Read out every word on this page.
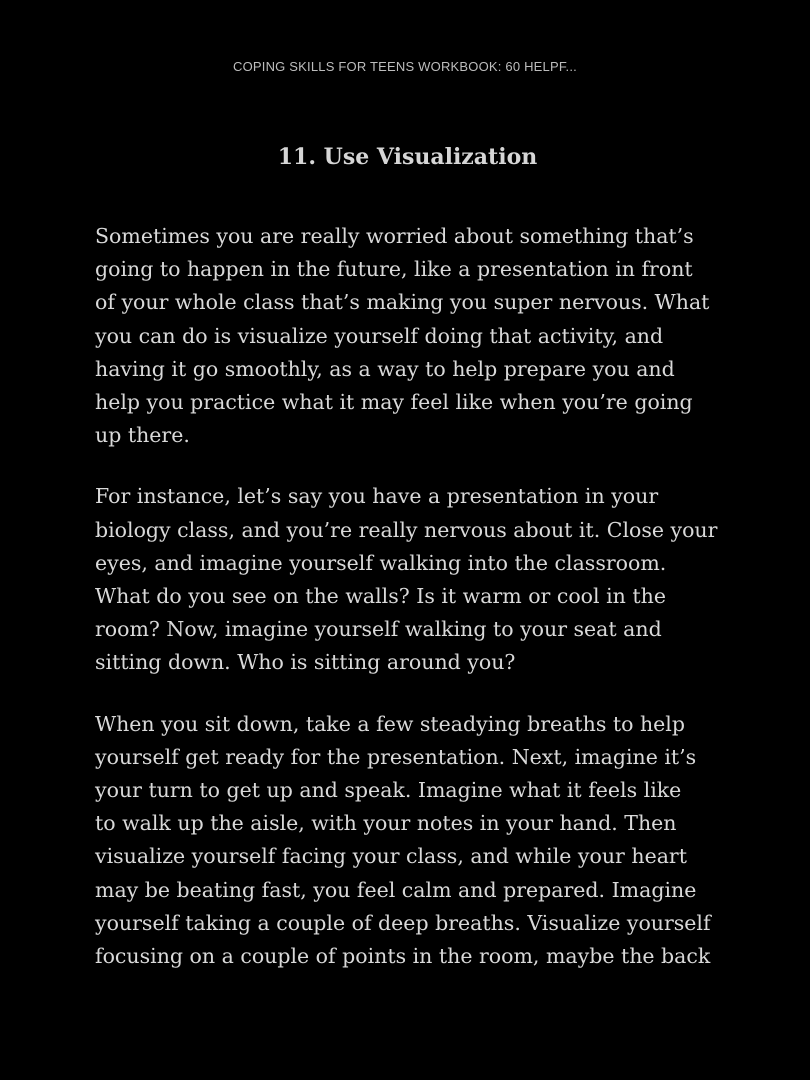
COPING SKILLS FOR TEENS WORKBOOK: 60 HELPF...
11. Use Visualization

Sometimes you are really worried about something that’s
going to happen in the future, like a presentation in front
of your whole class that’s making you super nervous. What
you can do is visualize yourself doing that activity, and
having it go smoothly, as a way to help prepare you and
help you practice what it may feel like when you’re going
up there.

For instance, let’s say you have a presentation in your
biology class, and you’re really nervous about it. Close your
eyes, and imagine yourself walking into the classroom.
What do you see on the walls? Is it warm or cool in the
room? Now, imagine yourself walking to your seat and
sitting down. Who is sitting around you?

When you sit down, take a few steadying breaths to help
yourself get ready for the presentation. Next, imagine it’s
your turn to get up and speak. Imagine what it feels like
to walk up the aisle, with your notes in your hand. Then
visualize yourself facing your class, and while your heart
may be beating fast, you feel calm and prepared. Imagine
yourself taking a couple of deep breaths. Visualize yourself
focusing on a couple of points in the room, maybe the back
